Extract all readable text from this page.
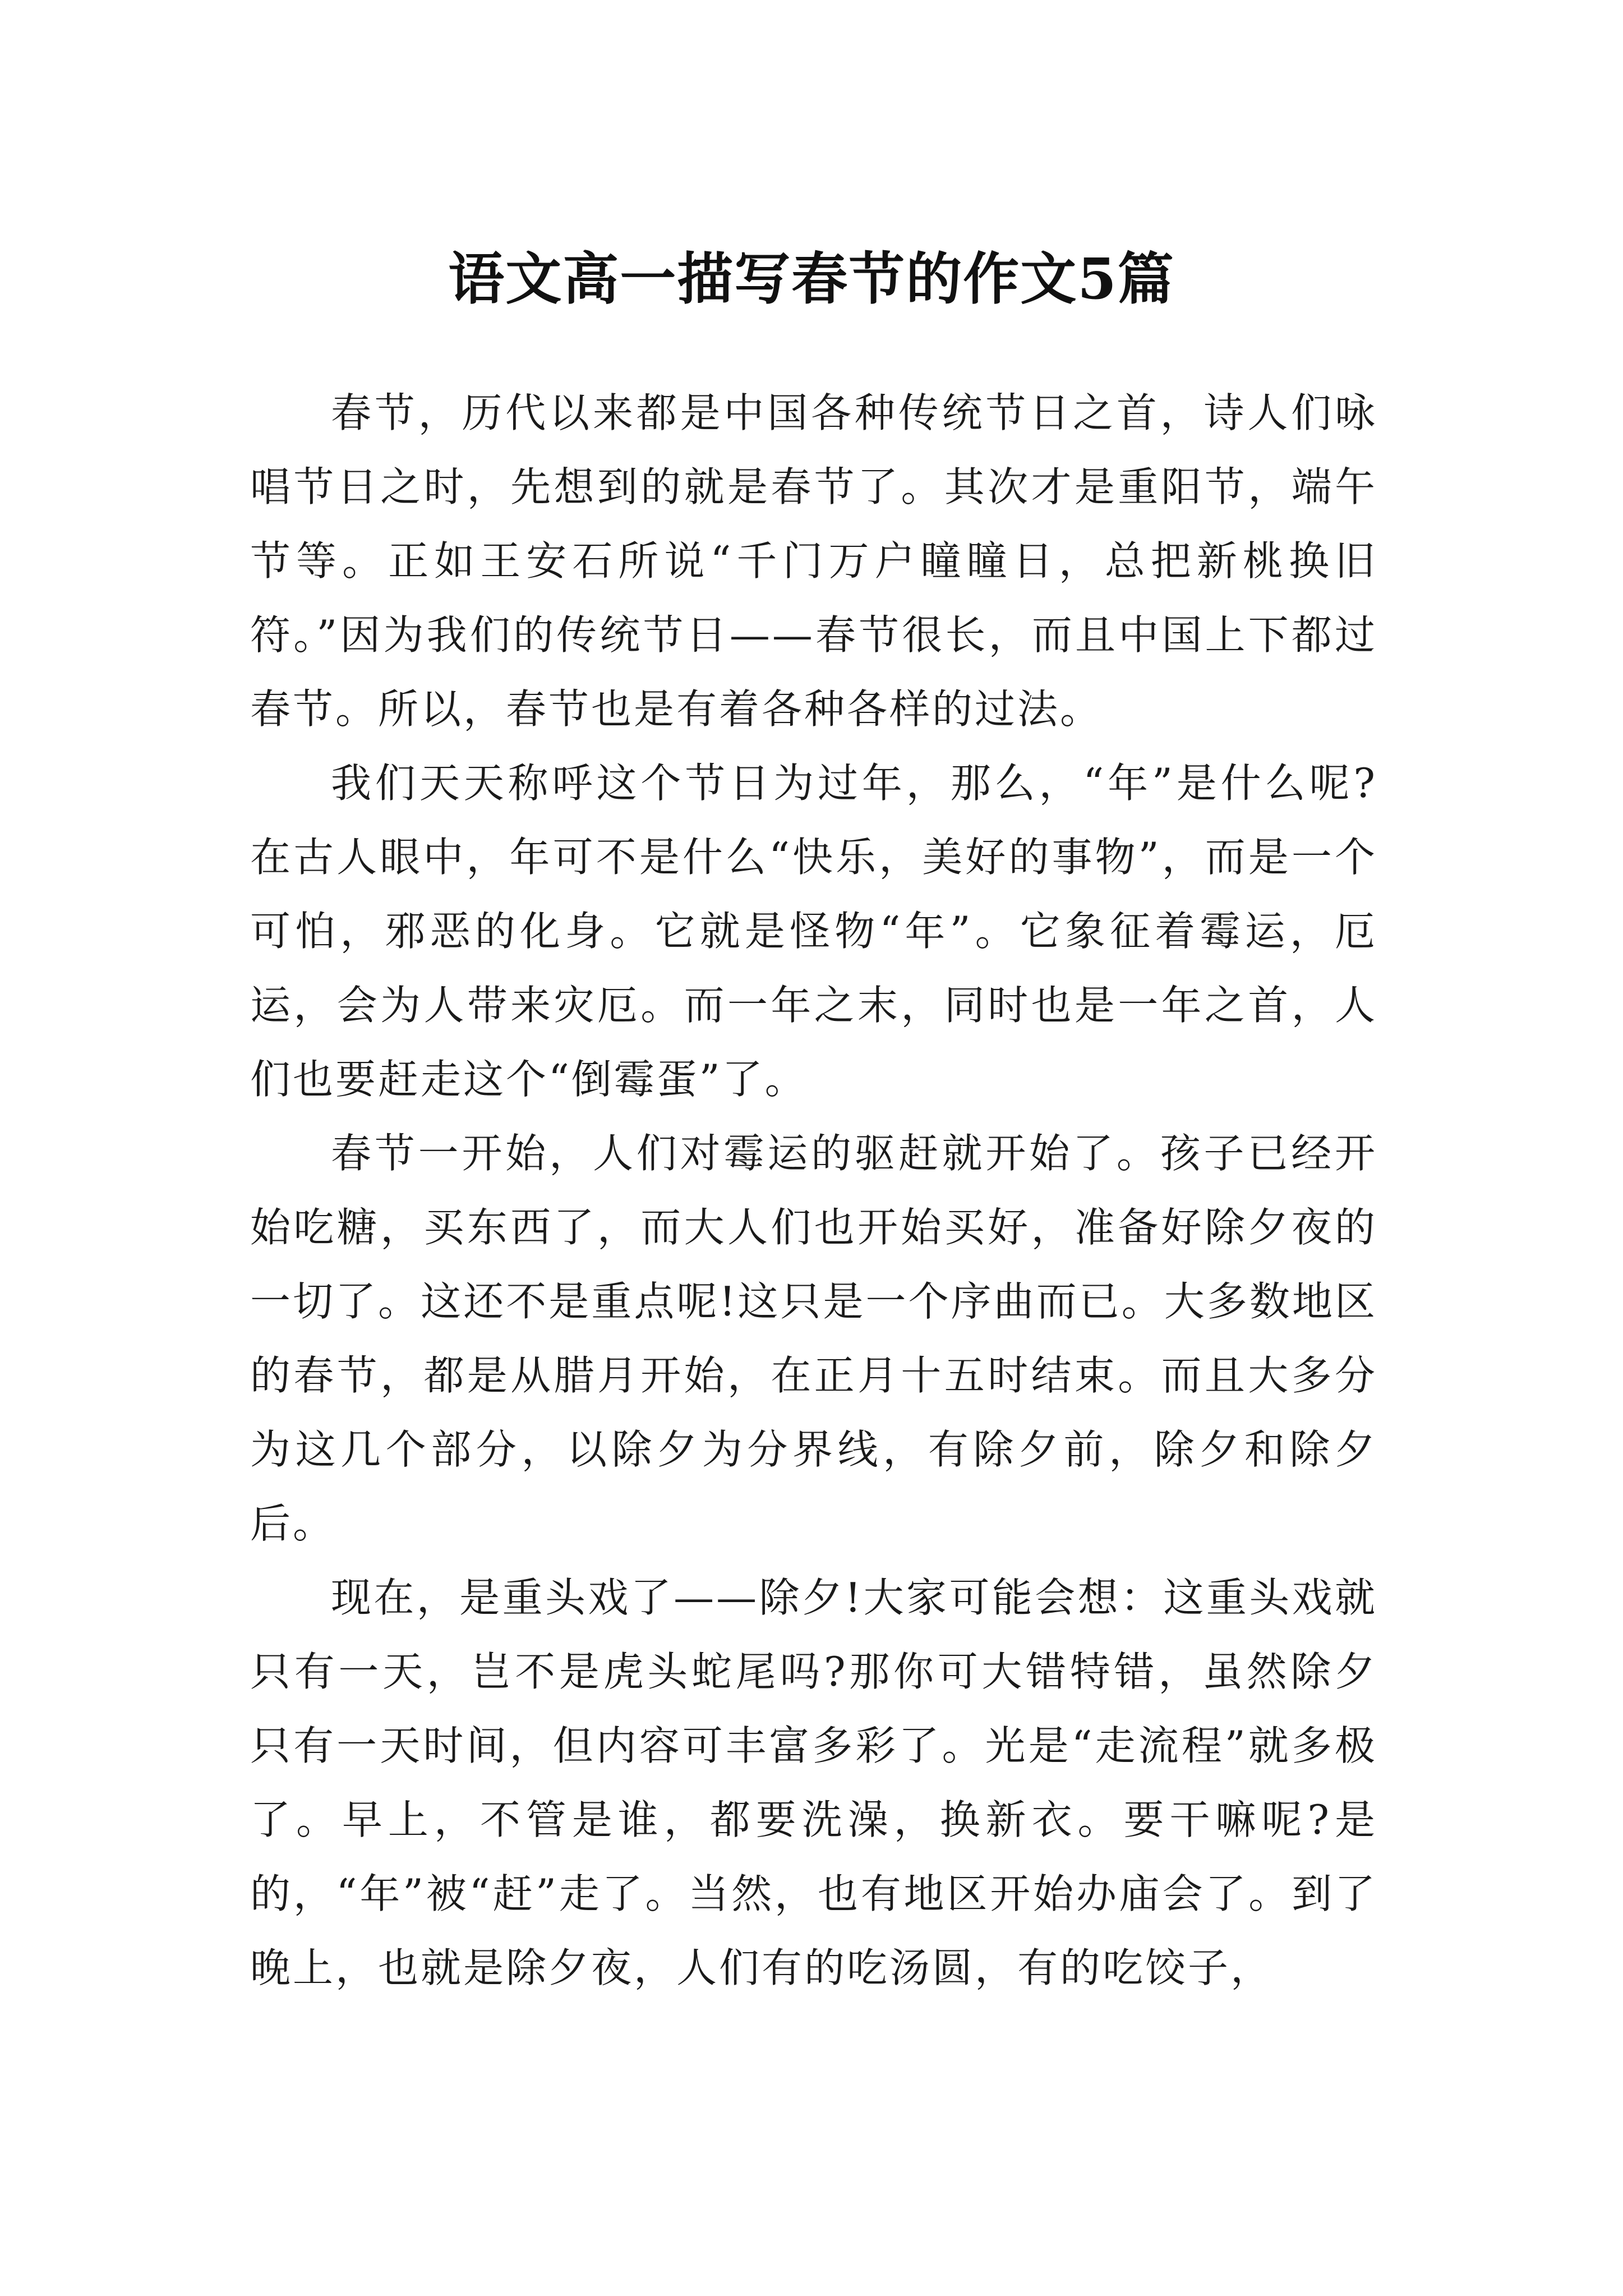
语文高一描写春节的作文5篇

春节，历代以来都是中国各种传统节日之首，诗人们咏唱节日之时，先想到的就是春节了。其次才是重阳节，端午节等。正如王安石所说“千门万户瞳瞳日，总把新桃换旧符。”因为我们的传统节日——春节很长，而且中国上下都过春节。所以，春节也是有着各种各样的过法。

我们天天称呼这个节日为过年，那么，“年”是什么呢?在古人眼中，年可不是什么“快乐，美好的事物”，而是一个可怕，邪恶的化身。它就是怪物“年”。它象征着霉运，厄运，会为人带来灾厄。而一年之末，同时也是一年之首，人们也要赶走这个“倒霉蛋”了。

春节一开始，人们对霉运的驱赶就开始了。孩子已经开始吃糖，买东西了，而大人们也开始买好，准备好除夕夜的一切了。这还不是重点呢!这只是一个序曲而已。大多数地区的春节，都是从腊月开始，在正月十五时结束。而且大多分为这几个部分，以除夕为分界线，有除夕前，除夕和除夕后。

现在，是重头戏了——除夕!大家可能会想：这重头戏就只有一天，岂不是虎头蛇尾吗?那你可大错特错，虽然除夕只有一天时间，但内容可丰富多彩了。光是“走流程”就多极了。早上，不管是谁，都要洗澡，换新衣。要干嘛呢?是的，“年”被“赶”走了。当然，也有地区开始办庙会了。到了晚上，也就是除夕夜，人们有的吃汤圆，有的吃饺子，
